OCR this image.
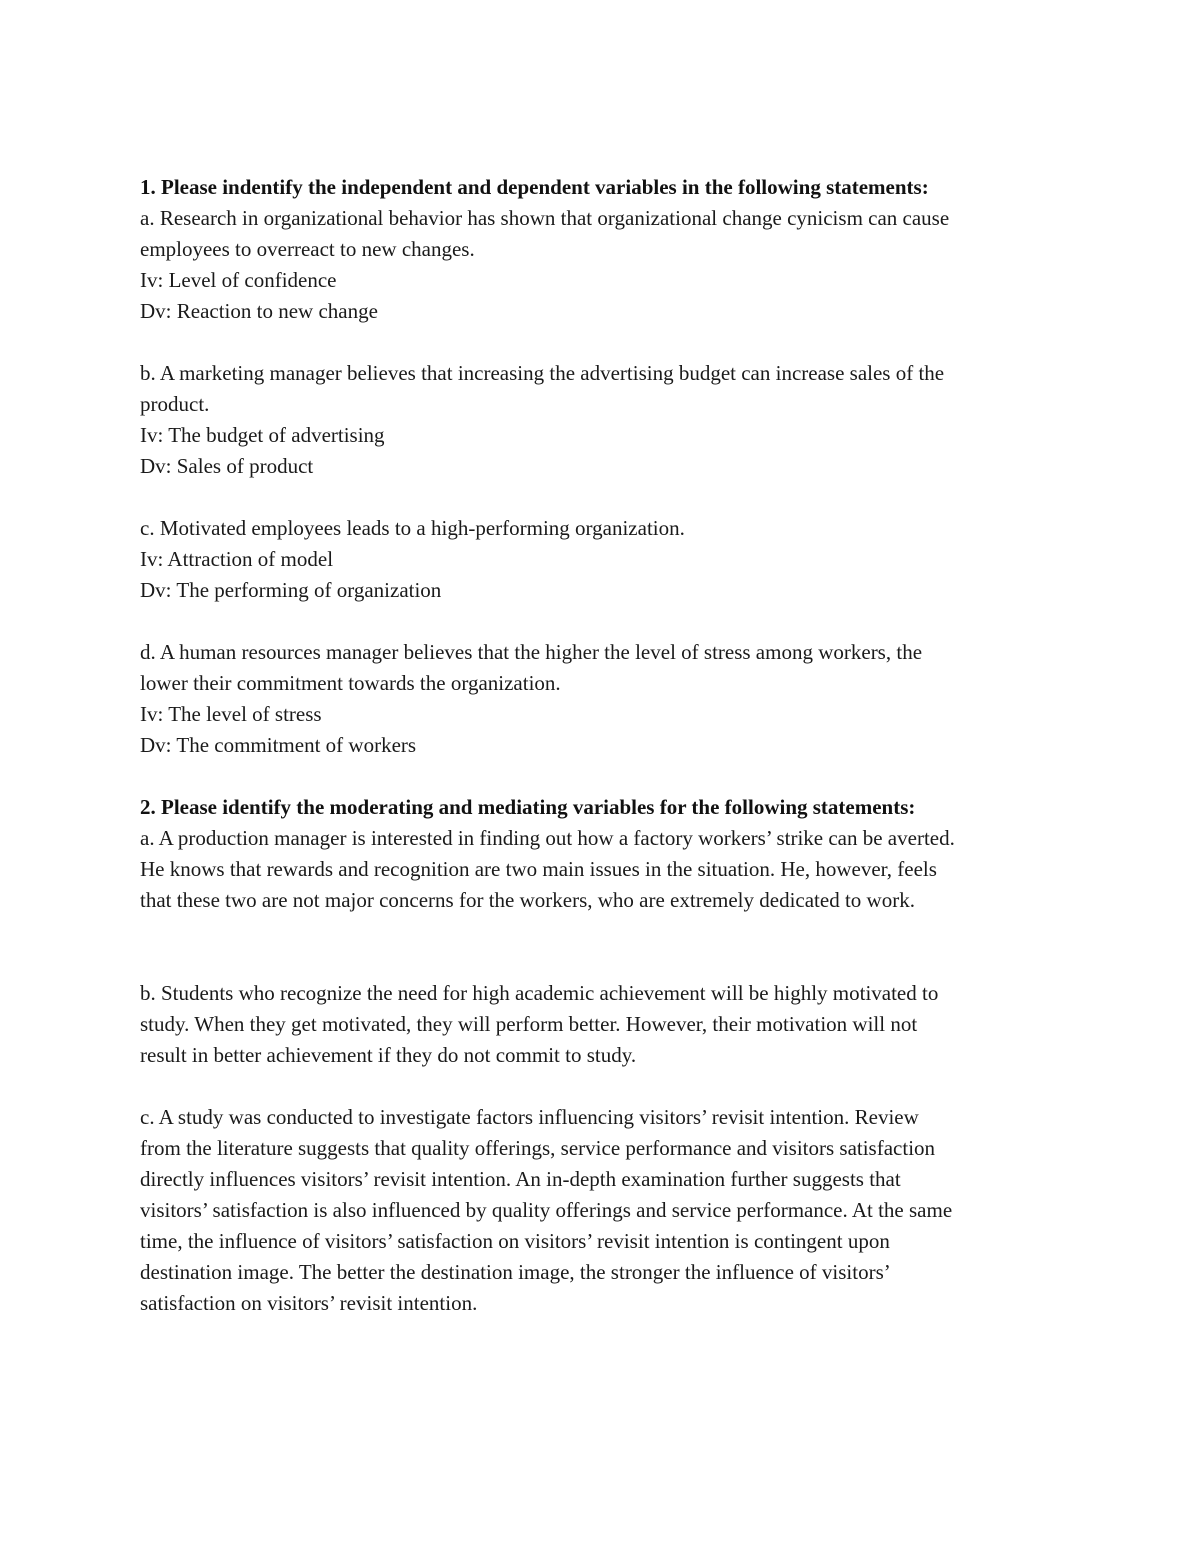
1. Please indentify the independent and dependent variables in the following statements:
a. Research in organizational behavior has shown that organizational change cynicism can cause
employees to overreact to new changes.
Iv: Level of confidence
Dv: Reaction to new change
b. A marketing manager believes that increasing the advertising budget can increase sales of the
product.
Iv: The budget of advertising
Dv: Sales of product
c. Motivated employees leads to a high-performing organization.
Iv: Attraction of model
Dv: The performing of organization
d. A human resources manager believes that the higher the level of stress among workers, the
lower their commitment towards the organization.
Iv: The level of stress
Dv: The commitment of workers
2. Please identify the moderating and mediating variables for the following statements:
a. A production manager is interested in finding out how a factory workers’ strike can be averted.
He knows that rewards and recognition are two main issues in the situation. He, however, feels
that these two are not major concerns for the workers, who are extremely dedicated to work.
b. Students who recognize the need for high academic achievement will be highly motivated to
study. When they get motivated, they will perform better. However, their motivation will not
result in better achievement if they do not commit to study.
c. A study was conducted to investigate factors influencing visitors’ revisit intention. Review
from the literature suggests that quality offerings, service performance and visitors satisfaction
directly influences visitors’ revisit intention. An in-depth examination further suggests that
visitors’ satisfaction is also influenced by quality offerings and service performance. At the same
time, the influence of visitors’ satisfaction on visitors’ revisit intention is contingent upon
destination image. The better the destination image, the stronger the influence of visitors’
satisfaction on visitors’ revisit intention.
